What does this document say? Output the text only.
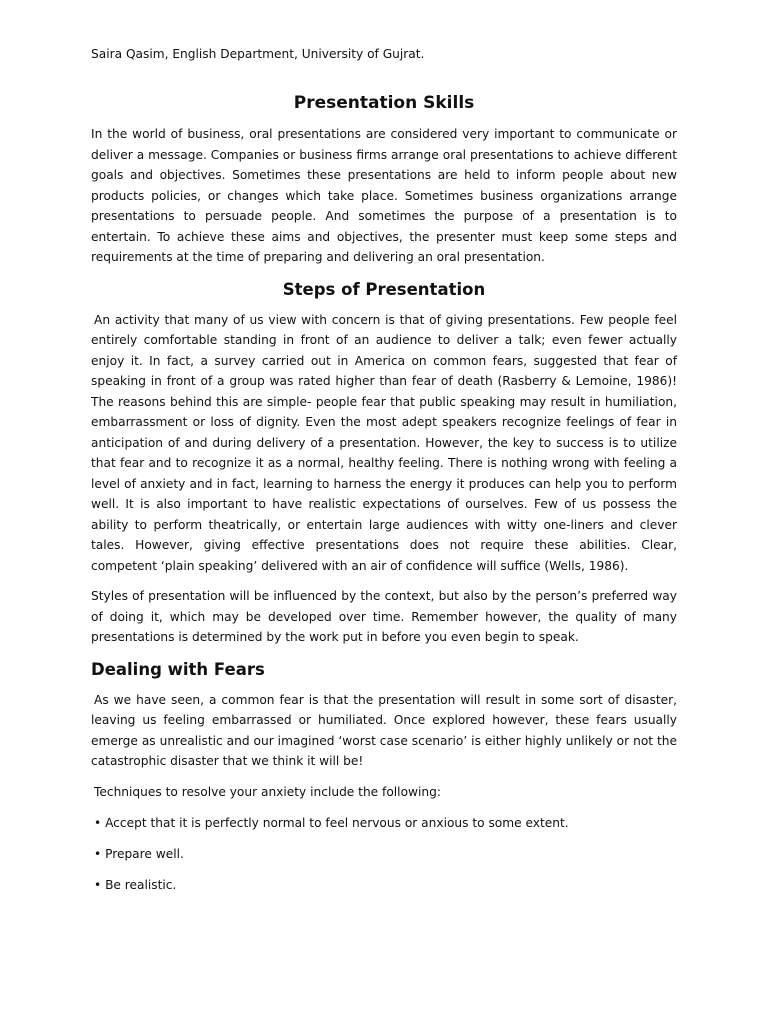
Saira Qasim, English Department, University of Gujrat.
Presentation Skills

In the world of business, oral presentations are considered very important to communicate or deliver a message. Companies or business firms arrange oral presentations to achieve different goals and objectives. Sometimes these presentations are held to inform people about new products policies, or changes which take place. Sometimes business organizations arrange presentations to persuade people. And sometimes the purpose of a presentation is to entertain. To achieve these aims and objectives, the presenter must keep some steps and requirements at the time of preparing and delivering an oral presentation.

Steps of Presentation

An activity that many of us view with concern is that of giving presentations. Few people feel entirely comfortable standing in front of an audience to deliver a talk; even fewer actually enjoy it. In fact, a survey carried out in America on common fears, suggested that fear of speaking in front of a group was rated higher than fear of death (Rasberry & Lemoine, 1986)! The reasons behind this are simple- people fear that public speaking may result in humiliation, embarrassment or loss of dignity. Even the most adept speakers recognize feelings of fear in anticipation of and during delivery of a presentation. However, the key to success is to utilize that fear and to recognize it as a normal, healthy feeling. There is nothing wrong with feeling a level of anxiety and in fact, learning to harness the energy it produces can help you to perform well. It is also important to have realistic expectations of ourselves. Few of us possess the ability to perform theatrically, or entertain large audiences with witty one-liners and clever tales. However, giving effective presentations does not require these abilities. Clear, competent ‘plain speaking’ delivered with an air of confidence will suffice (Wells, 1986).

Styles of presentation will be influenced by the context, but also by the person’s preferred way of doing it, which may be developed over time. Remember however, the quality of many presentations is determined by the work put in before you even begin to speak.

Dealing with Fears

As we have seen, a common fear is that the presentation will result in some sort of disaster, leaving us feeling embarrassed or humiliated. Once explored however, these fears usually emerge as unrealistic and our imagined ‘worst case scenario’ is either highly unlikely or not the catastrophic disaster that we think it will be!

Techniques to resolve your anxiety include the following:

• Accept that it is perfectly normal to feel nervous or anxious to some extent.

• Prepare well.

• Be realistic.
